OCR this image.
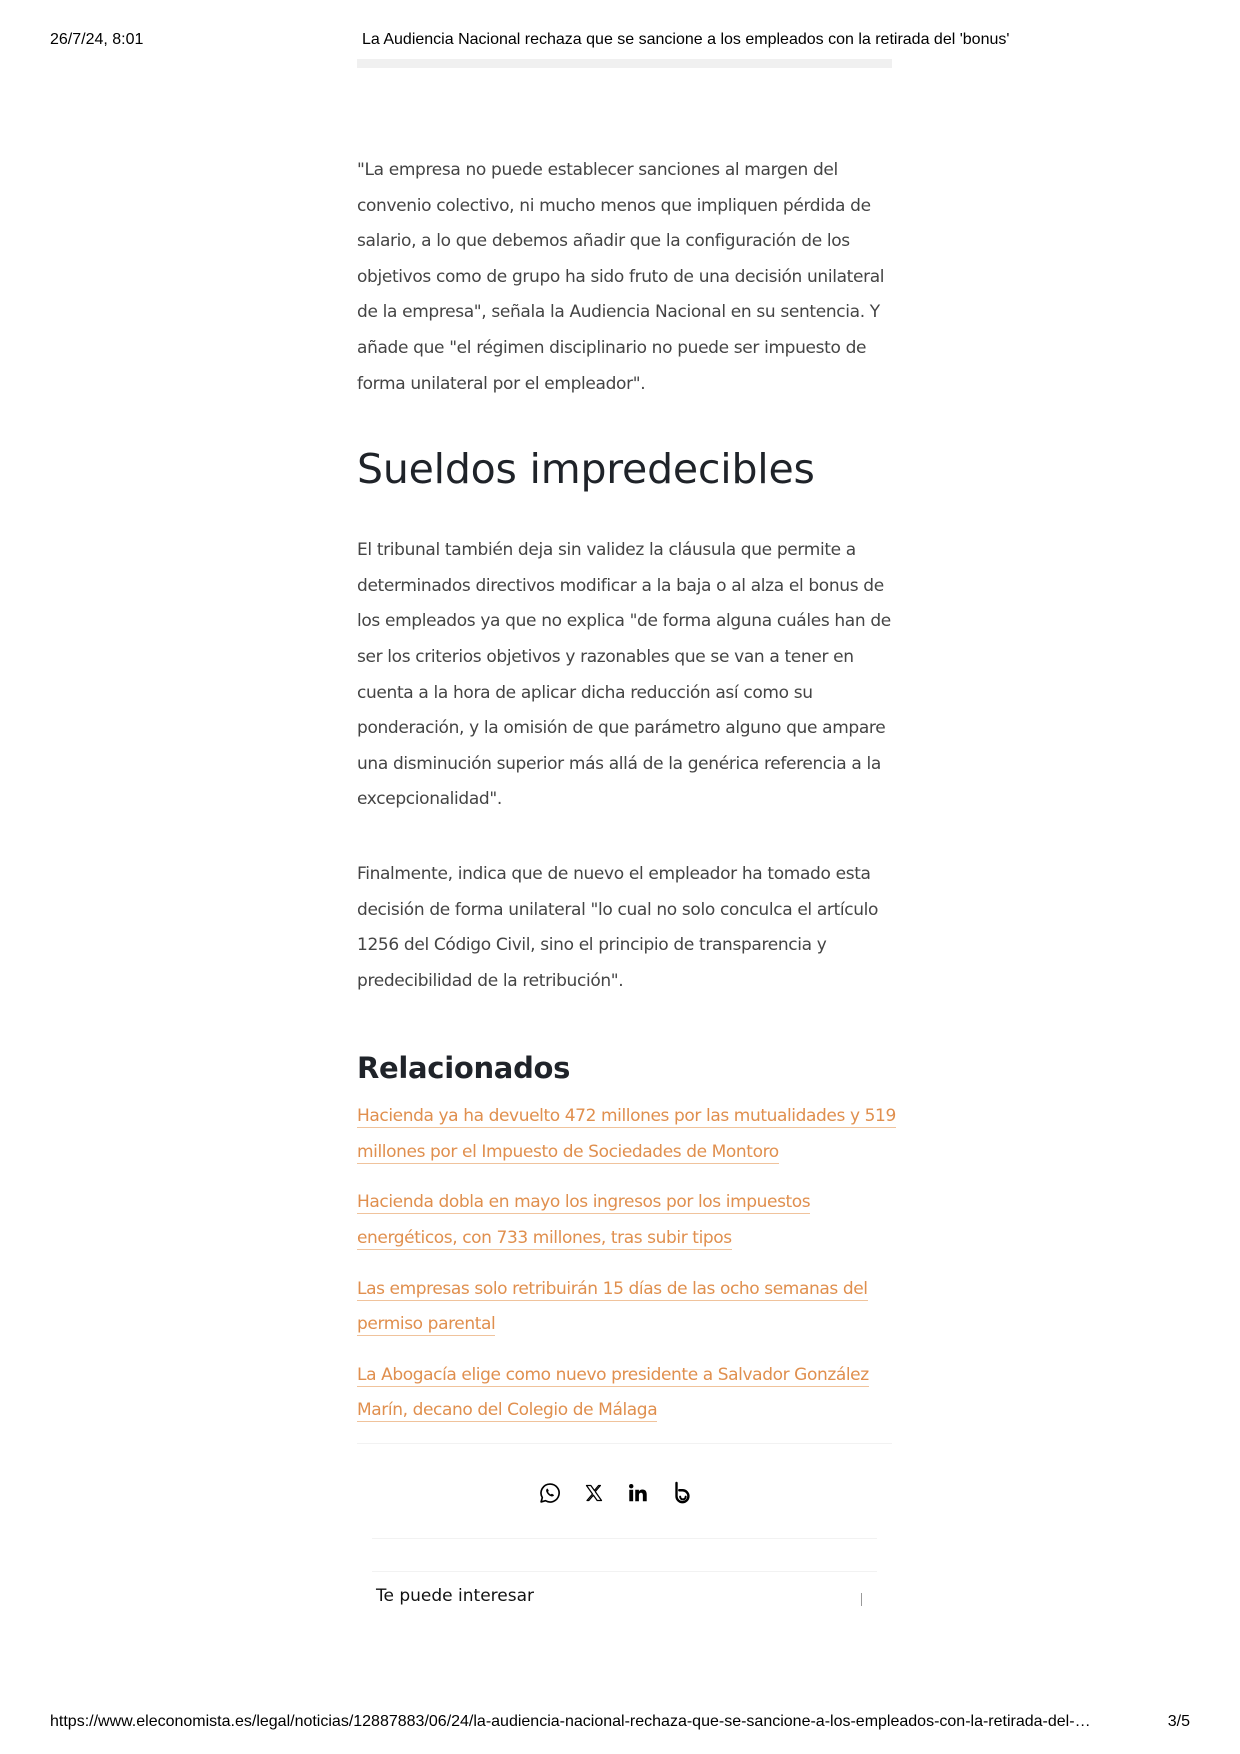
26/7/24, 8:01	La Audiencia Nacional rechaza que se sancione a los empleados con la retirada del 'bonus'

"La empresa no puede establecer sanciones al margen del convenio colectivo, ni mucho menos que impliquen pérdida de salario, a lo que debemos añadir que la configuración de los objetivos como de grupo ha sido fruto de una decisión unilateral de la empresa", señala la Audiencia Nacional en su sentencia. Y añade que "el régimen disciplinario no puede ser impuesto de forma unilateral por el empleador".

Sueldos impredecibles

El tribunal también deja sin validez la cláusula que permite a determinados directivos modificar a la baja o al alza el bonus de los empleados ya que no explica "de forma alguna cuáles han de ser los criterios objetivos y razonables que se van a tener en cuenta a la hora de aplicar dicha reducción así como su ponderación, y la omisión de que parámetro alguno que ampare una disminución superior más allá de la genérica referencia a la excepcionalidad".

Finalmente, indica que de nuevo el empleador ha tomado esta decisión de forma unilateral "lo cual no solo conculca el artículo 1256 del Código Civil, sino el principio de transparencia y predecibilidad de la retribución".

Relacionados
Hacienda ya ha devuelto 472 millones por las mutualidades y 519 millones por el Impuesto de Sociedades de Montoro
Hacienda dobla en mayo los ingresos por los impuestos energéticos, con 733 millones, tras subir tipos
Las empresas solo retribuirán 15 días de las ocho semanas del permiso parental
La Abogacía elige como nuevo presidente a Salvador González Marín, decano del Colegio de Málaga
Te puede interesar
https://www.eleconomista.es/legal/noticias/12887883/06/24/la-audiencia-nacional-rechaza-que-se-sancione-a-los-empleados-con-la-retirada-del-…	3/5
